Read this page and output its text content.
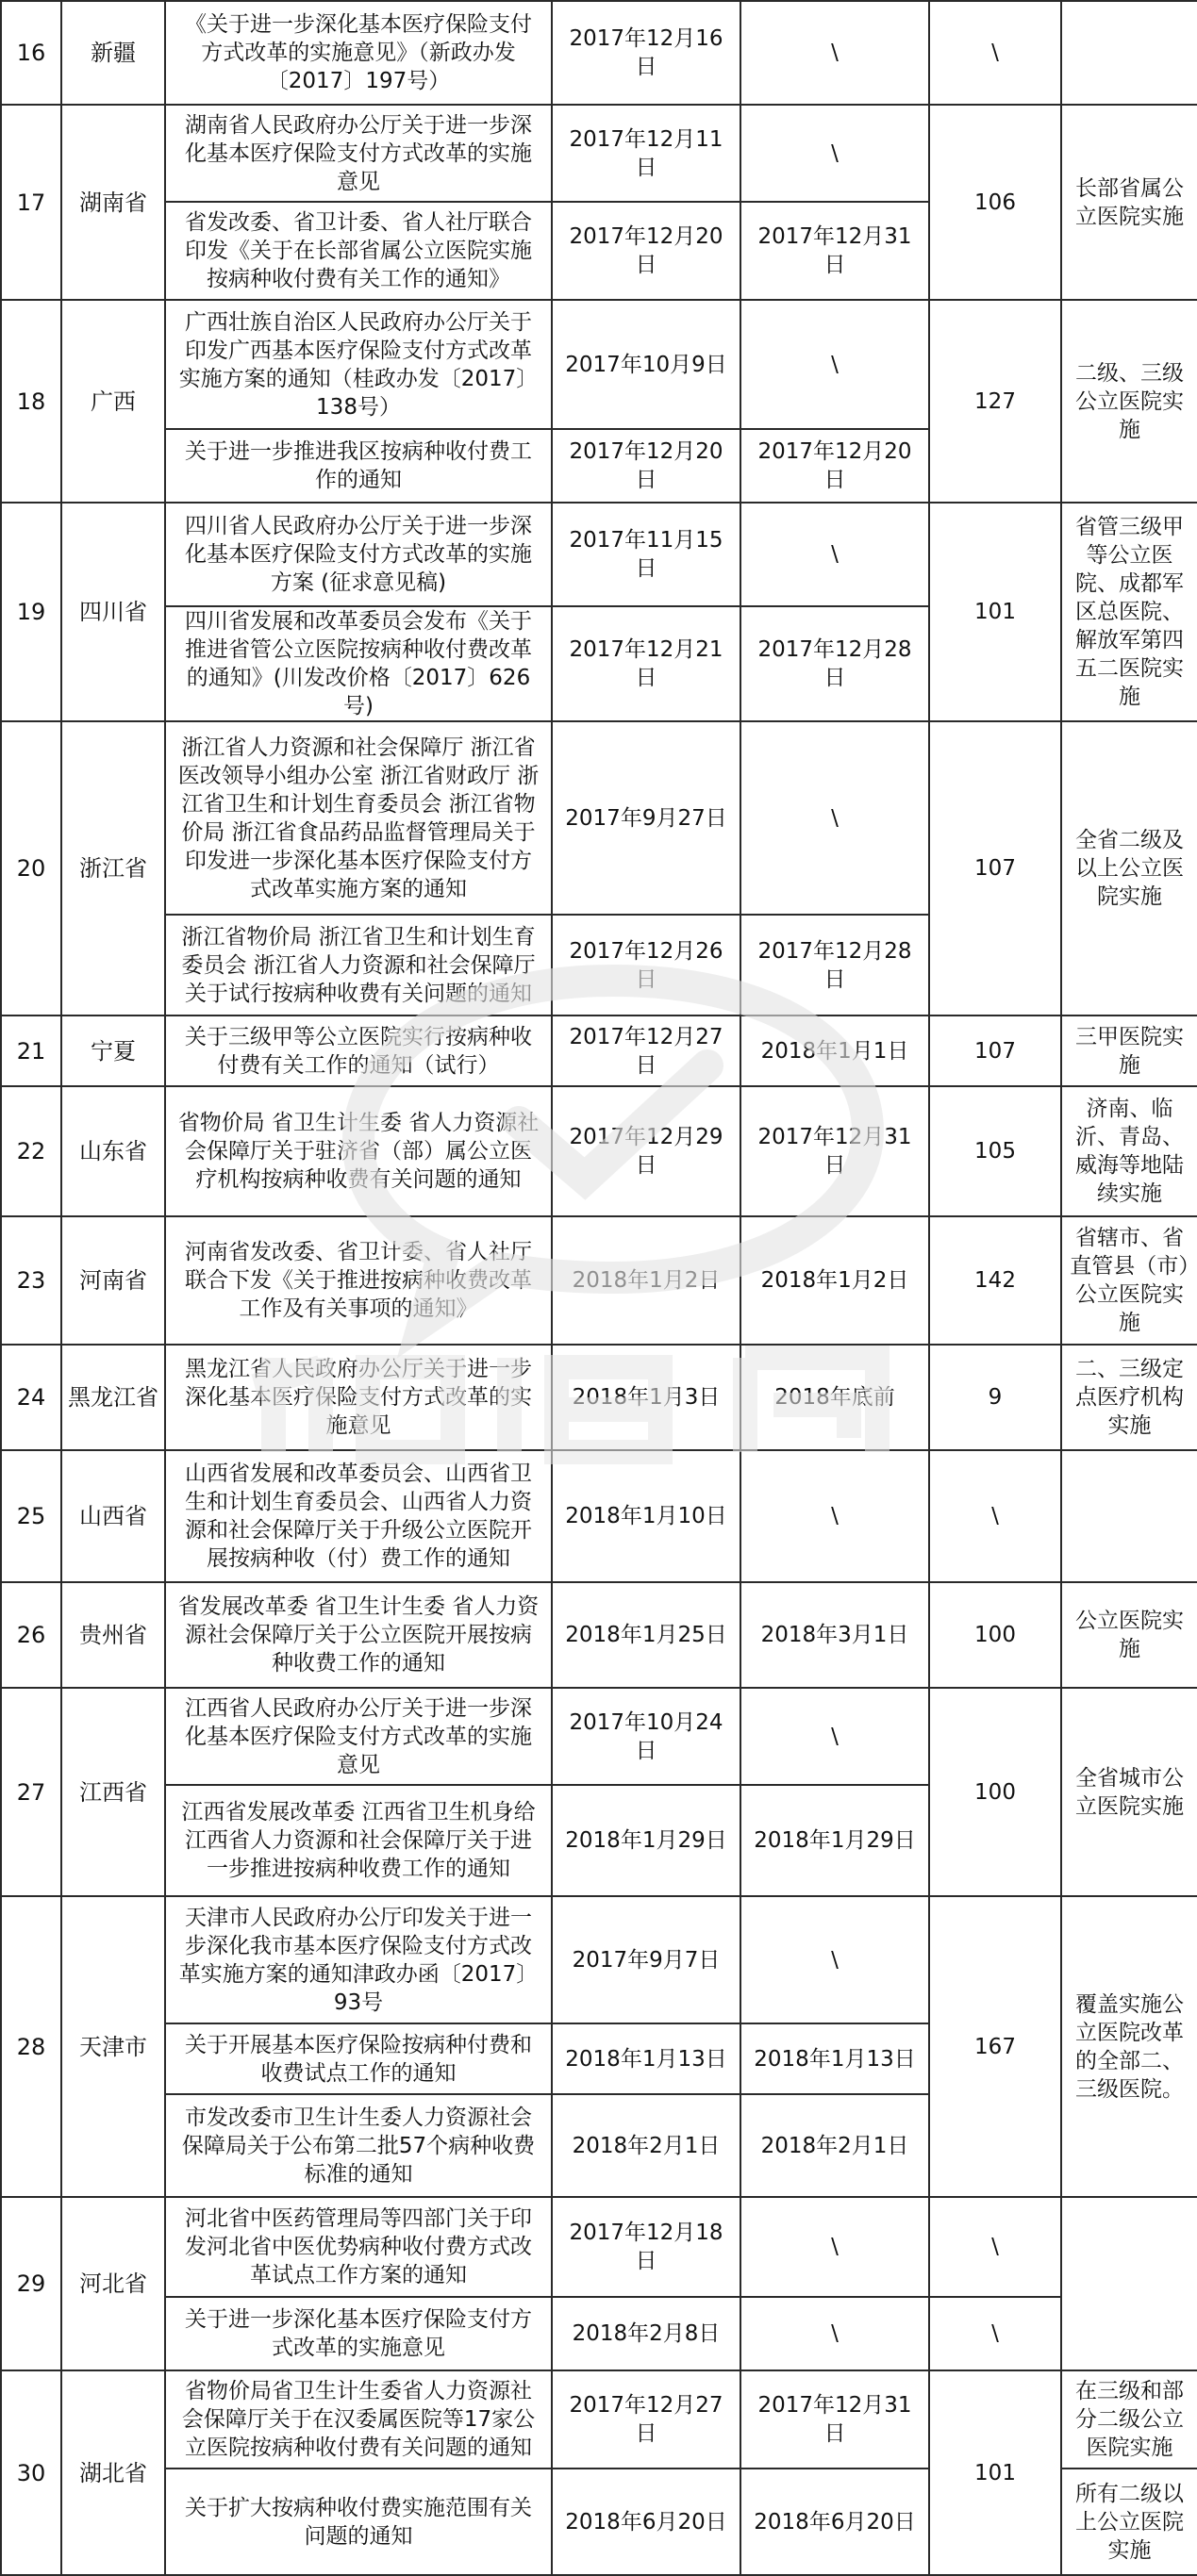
16	新疆	《关于进一步深化基本医疗保险支付方式改革的实施意见》（新政办发〔2017〕197号）	2017年12月16日	\	\	
17	湖南省	湖南省人民政府办公厅关于进一步深化基本医疗保险支付方式改革的实施意见	2017年12月11日	\	106	长部省属公立医院实施
		省发改委、省卫计委、省人社厅联合印发《关于在长部省属公立医院实施按病种收付费有关工作的通知》	2017年12月20日	2017年12月31日		
18	广西	广西壮族自治区人民政府办公厅关于印发广西基本医疗保险支付方式改革实施方案的通知（桂政办发〔2017〕138号）	2017年10月9日	\	127	二级、三级公立医院实施
		关于进一步推进我区按病种收付费工作的通知	2017年12月20日	2017年12月20日		
19	四川省	四川省人民政府办公厅关于进一步深化基本医疗保险支付方式改革的实施方案 (征求意见稿)	2017年11月15日	\	101	省管三级甲等公立医院、成都军区总医院、解放军第四五二医院实施
		四川省发展和改革委员会发布《关于推进省管公立医院按病种收付费改革的通知》(川发改价格〔2017〕626号)	2017年12月21日	2017年12月28日		
20	浙江省	浙江省人力资源和社会保障厅 浙江省医改领导小组办公室 浙江省财政厅 浙江省卫生和计划生育委员会 浙江省物价局 浙江省食品药品监督管理局关于印发进一步深化基本医疗保险支付方式改革实施方案的通知	2017年9月27日	\	107	全省二级及以上公立医院实施
		浙江省物价局 浙江省卫生和计划生育委员会 浙江省人力资源和社会保障厅关于试行按病种收费有关问题的通知	2017年12月26日	2017年12月28日		
21	宁夏	关于三级甲等公立医院实行按病种收付费有关工作的通知（试行）	2017年12月27日	2018年1月1日	107	三甲医院实施
22	山东省	省物价局 省卫生计生委 省人力资源社会保障厅关于驻济省（部）属公立医疗机构按病种收费有关问题的通知	2017年12月29日	2017年12月31日	105	济南、临沂、青岛、威海等地陆续实施
23	河南省	河南省发改委、省卫计委、省人社厅联合下发《关于推进按病种收费改革工作及有关事项的通知》	2018年1月2日	2018年1月2日	142	省辖市、省直管县（市）公立医院实施
24	黑龙江省	黑龙江省人民政府办公厅关于进一步深化基本医疗保险支付方式改革的实施意见	2018年1月3日	2018年底前	9	二、三级定点医疗机构实施
25	山西省	山西省发展和改革委员会、山西省卫生和计划生育委员会、山西省人力资源和社会保障厅关于升级公立医院开展按病种收（付）费工作的通知	2018年1月10日	\	\	
26	贵州省	省发展改革委 省卫生计生委 省人力资源社会保障厅关于公立医院开展按病种收费工作的通知	2018年1月25日	2018年3月1日	100	公立医院实施
27	江西省	江西省人民政府办公厅关于进一步深化基本医疗保险支付方式改革的实施意见	2017年10月24日	\	100	全省城市公立医院实施
		江西省发展改革委 江西省卫生机身给江西省人力资源和社会保障厅关于进一步推进按病种收费工作的通知	2018年1月29日	2018年1月29日		
28	天津市	天津市人民政府办公厅印发关于进一步深化我市基本医疗保险支付方式改革实施方案的通知津政办函〔2017〕93号	2017年9月7日	\	167	覆盖实施公立医院改革的全部二、三级医院。
		关于开展基本医疗保险按病种付费和收费试点工作的通知	2018年1月13日	2018年1月13日		
		市发改委市卫生计生委人力资源社会保障局关于公布第二批57个病种收费标准的通知	2018年2月1日	2018年2月1日		
29	河北省	河北省中医药管理局等四部门关于印发河北省中医优势病种收付费方式改革试点工作方案的通知	2017年12月18日	\	\	
		关于进一步深化基本医疗保险支付方式改革的实施意见	2018年2月8日	\	\	
30	湖北省	省物价局省卫生计生委省人力资源社会保障厅关于在汉委属医院等17家公立医院按病种收付费有关问题的通知	2017年12月27日	2017年12月31日	101	在三级和部分二级公立医院实施
		关于扩大按病种收付费实施范围有关问题的通知	2018年6月20日	2018年6月20日		所有二级以上公立医院实施
